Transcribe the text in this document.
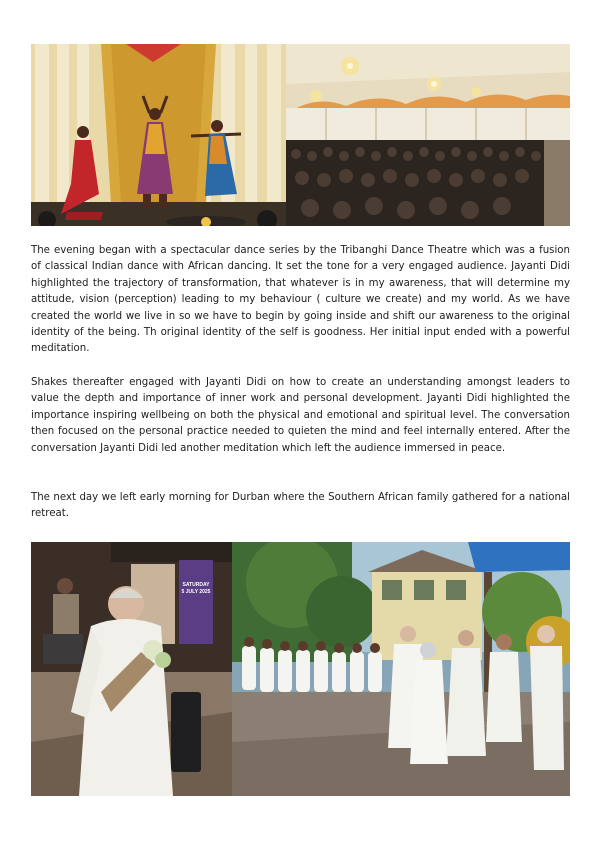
The evening began with a spectacular dance series by the Tribanghi Dance Theatre which was a fusion of classical Indian dance with African dancing. It set the tone for a very engaged audience. Jayanti Didi highlighted the trajectory of transformation, that whatever is in my awareness, that will determine my attitude, vision (perception) leading to my behaviour ( culture we create) and my world. As we have created the world we live in so we have to begin by going inside and shift our awareness to the original identity of the being. Th original identity of the self is goodness. Her initial input ended with a powerful meditation.

Shakes thereafter engaged with Jayanti Didi on how to create an understanding amongst leaders to value the depth and importance of inner work and personal development. Jayanti Didi highlighted the importance inspiring wellbeing on both the physical and emotional and spiritual level. The conversation then focused on the personal practice needed to quieten the mind and feel internally entered. After the conversation Jayanti Didi led another meditation which left the audience immersed in peace.

The next day we left early morning for Durban where the Southern African family gathered for a national retreat.

SATURDAY
5 JULY 2025
